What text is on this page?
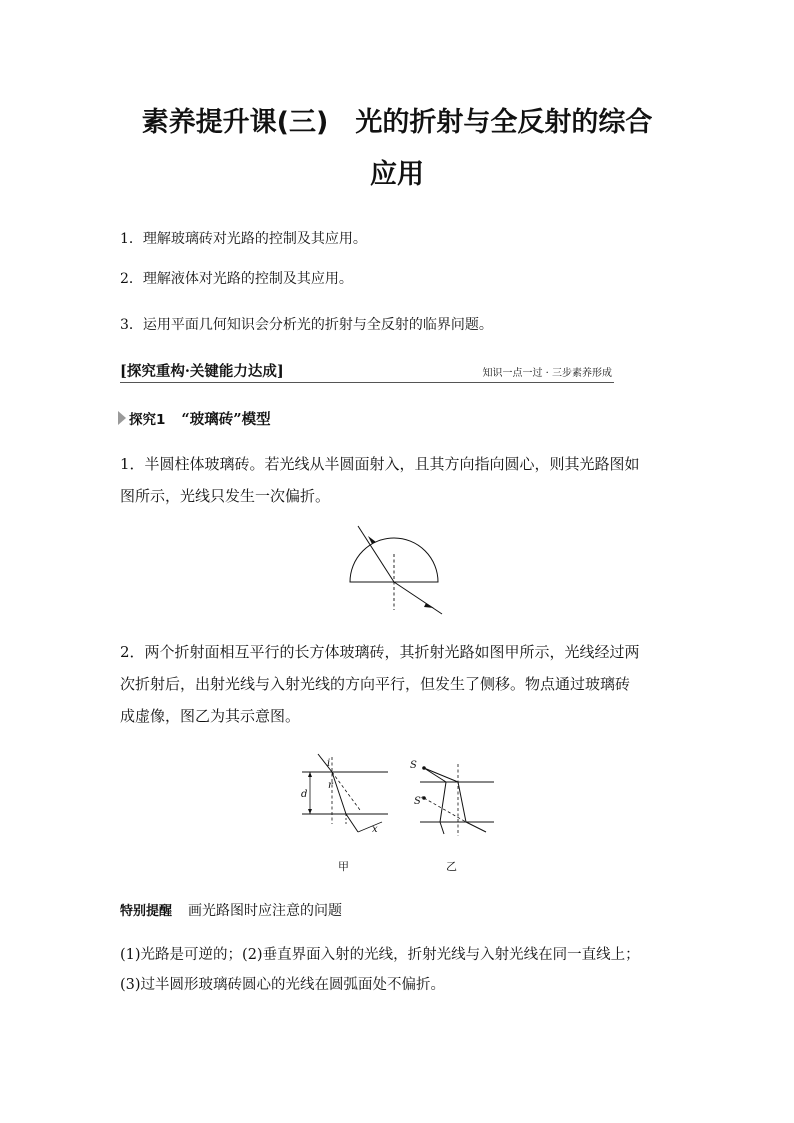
素养提升课(三)　光的折射与全反射的综合
应用
1．理解玻璃砖对光路的控制及其应用。
2．理解液体对光路的控制及其应用。
3．运用平面几何知识会分析光的折射与全反射的临界问题。
[探究重构·关键能力达成]	知识一点一过 · 三步素养形成
探究1 “玻璃砖”模型
1．半圆柱体玻璃砖。若光线从半圆面射入，且其方向指向圆心，则其光路图如
图所示，光线只发生一次偏折。
2．两个折射面相互平行的长方体玻璃砖，其折射光路如图甲所示，光线经过两
次折射后，出射光线与入射光线的方向平行，但发生了侧移。物点通过玻璃砖
成虚像，图乙为其示意图。
i
r
d
x
甲
S
S′
乙
特别提醒 画光路图时应注意的问题
(1)光路是可逆的；(2)垂直界面入射的光线，折射光线与入射光线在同一直线上；
(3)过半圆形玻璃砖圆心的光线在圆弧面处不偏折。
